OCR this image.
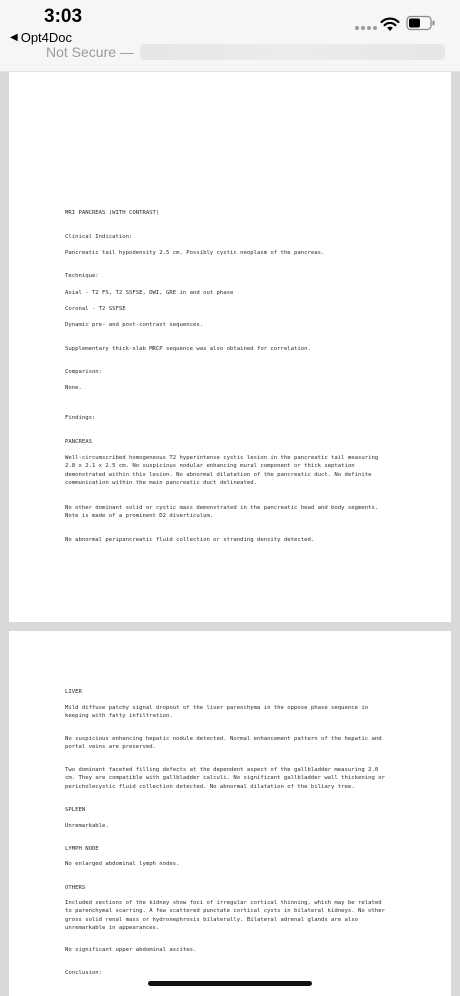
3:03
◀ Opt4Doc
Not Secure —
MRI PANCREAS (WITH CONTRAST)
Clinical Indication:
Pancreatic tail hypodensity 2.5 cm. Possibly cystic neoplasm of the pancreas.
Technique:
Axial - T2 FS, T2 SSFSE, DWI, GRE in and out phase
Coronal - T2 SSFSE
Dynamic pre- and post-contrast sequences.
Supplementary thick-slab MRCP sequence was also obtained for correlation.
Comparison:
None.
Findings:
PANCREAS
Well-circumscribed homogeneous T2 hyperintense cystic lesion in the pancreatic tail measuring
2.8 x 2.1 x 2.5 cm. No suspicious nodular enhancing mural component or thick septation
demonstrated within this lesion. No abnormal dilatation of the pancreatic duct. No definite
communication within the main pancreatic duct delineated.
No other dominant solid or cystic mass demonstrated in the pancreatic head and body segments.
Note is made of a prominent D2 diverticulum.
No abnormal peripancreatic fluid collection or stranding density detected.
LIVER
Mild diffuse patchy signal dropout of the liver parenchyma in the oppose phase sequence in
keeping with fatty infiltration.
No suspicious enhancing hepatic nodule detected. Normal enhancement pattern of the hepatic and
portal veins are preserved.
Two dominant faceted filling defects at the dependent aspect of the gallbladder measuring 2.0
cm. They are compatible with gallbladder calculi. No significant gallbladder wall thickening or
pericholecystic fluid collection detected. No abnormal dilatation of the biliary tree.
SPLEEN
Unremarkable.
LYMPH NODE
No enlarged abdominal lymph nodes.
OTHERS
Included sections of the kidney show foci of irregular cortical thinning, which may be related
to parenchymal scarring. A few scattered punctate cortical cysts in bilateral kidneys. No other
gross solid renal mass or hydronephrosis bilaterally. Bilateral adrenal glands are also
unremarkable in appearances.
No significant upper abdominal ascites.
Conclusion:
